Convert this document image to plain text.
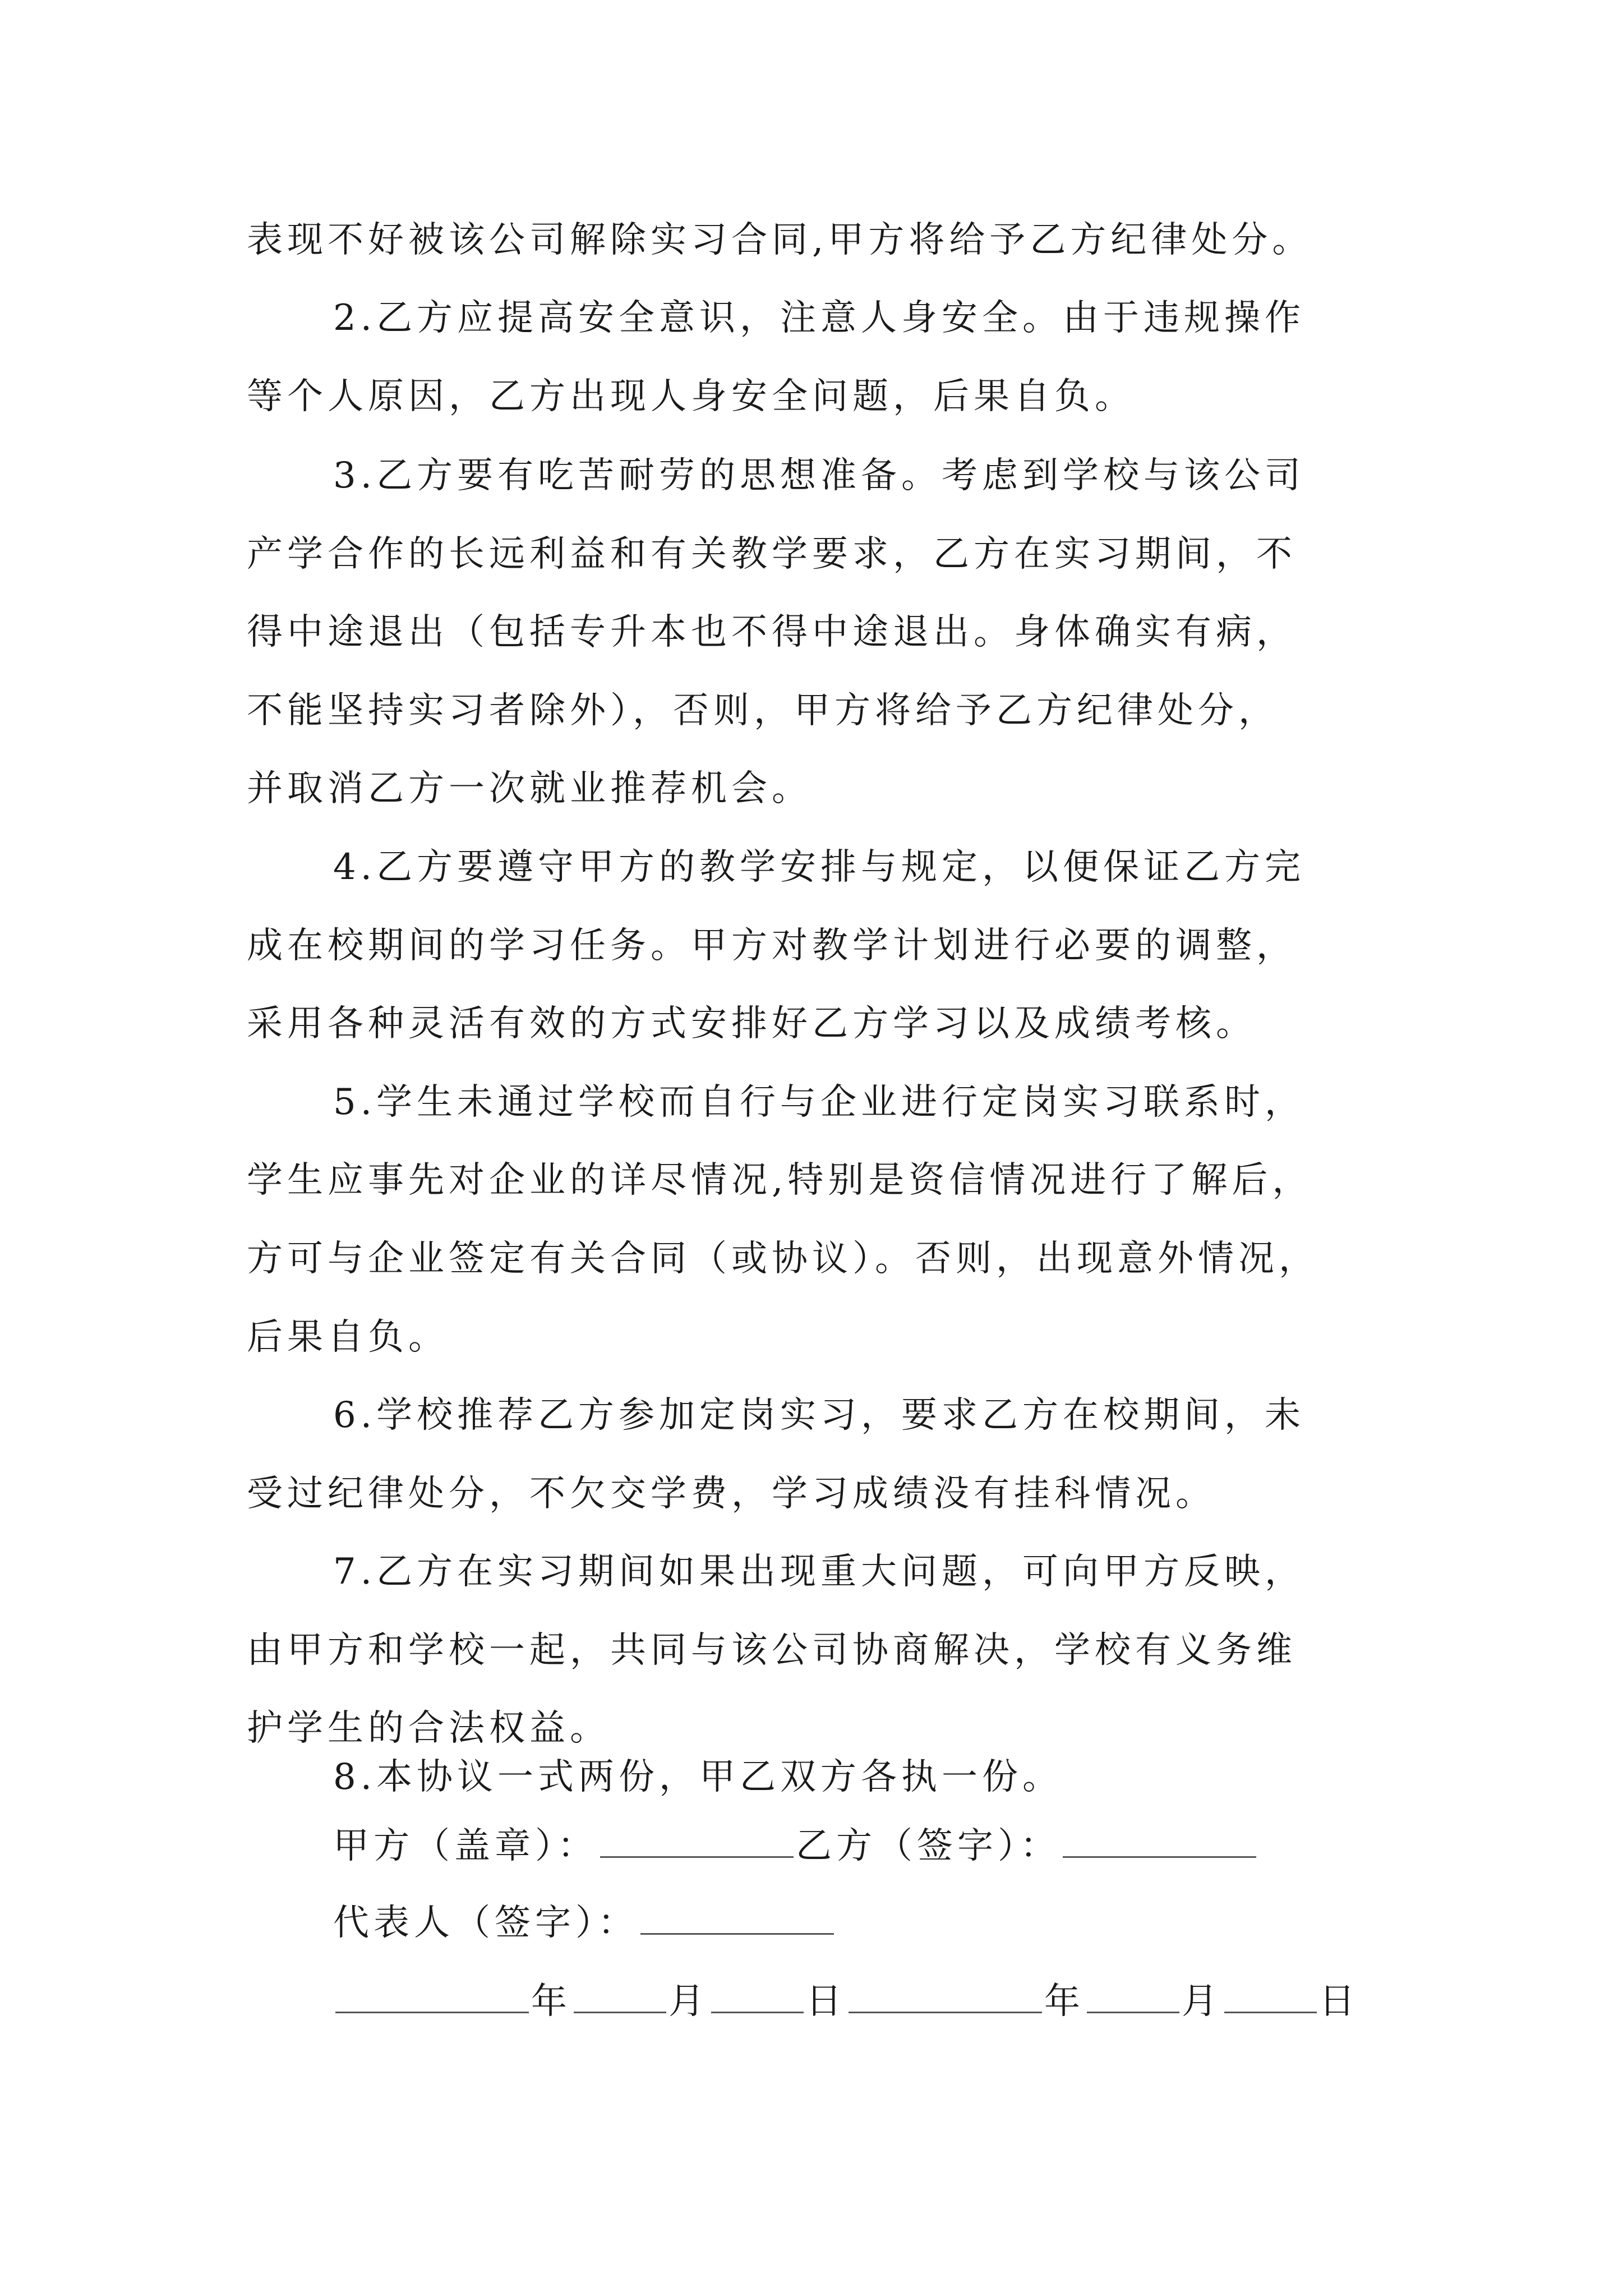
表现不好被该公司解除实习合同,甲方将给予乙方纪律处分。
2.乙方应提高安全意识，注意人身安全。由于违规操作
等个人原因，乙方出现人身安全问题，后果自负。
3.乙方要有吃苦耐劳的思想准备。考虑到学校与该公司
产学合作的长远利益和有关教学要求，乙方在实习期间，不
得中途退出（包括专升本也不得中途退出。身体确实有病，
不能坚持实习者除外），否则，甲方将给予乙方纪律处分，
并取消乙方一次就业推荐机会。
4.乙方要遵守甲方的教学安排与规定，以便保证乙方完
成在校期间的学习任务。甲方对教学计划进行必要的调整，
采用各种灵活有效的方式安排好乙方学习以及成绩考核。
5.学生未通过学校而自行与企业进行定岗实习联系时，
学生应事先对企业的详尽情况,特别是资信情况进行了解后，
方可与企业签定有关合同（或协议）。否则，出现意外情况，
后果自负。
6.学校推荐乙方参加定岗实习，要求乙方在校期间，未
受过纪律处分，不欠交学费，学习成绩没有挂科情况。
7.乙方在实习期间如果出现重大问题，可向甲方反映，
由甲方和学校一起，共同与该公司协商解决，学校有义务维
护学生的合法权益。
8.本协议一式两份，甲乙双方各执一份。
甲方（盖章）：	乙方（签字）：
代表人（签字）：
年	月	日	年	月	日
